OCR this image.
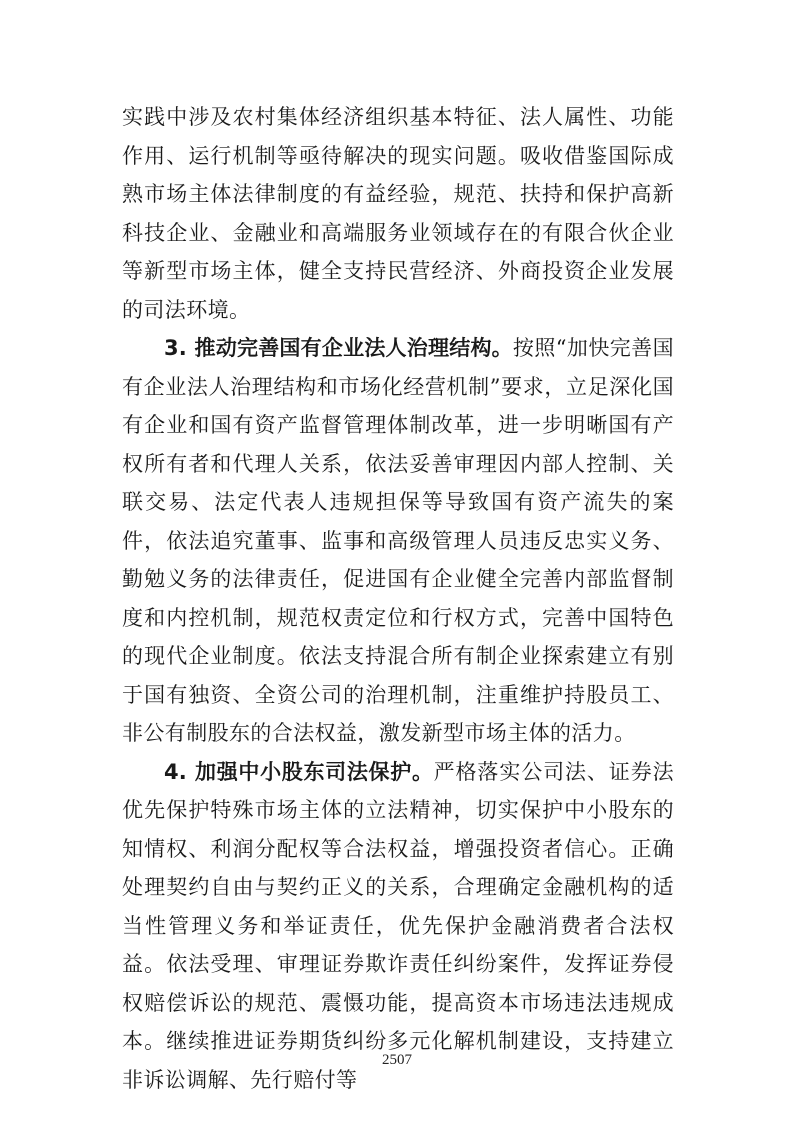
实践中涉及农村集体经济组织基本特征、法人属性、功能作用、运行机制等亟待解决的现实问题。吸收借鉴国际成熟市场主体法律制度的有益经验，规范、扶持和保护高新科技企业、金融业和高端服务业领域存在的有限合伙企业等新型市场主体，健全支持民营经济、外商投资企业发展的司法环境。

3. 推动完善国有企业法人治理结构。按照“加快完善国有企业法人治理结构和市场化经营机制”要求，立足深化国有企业和国有资产监督管理体制改革，进一步明晰国有产权所有者和代理人关系，依法妥善审理因内部人控制、关联交易、法定代表人违规担保等导致国有资产流失的案件，依法追究董事、监事和高级管理人员违反忠实义务、勤勉义务的法律责任，促进国有企业健全完善内部监督制度和内控机制，规范权责定位和行权方式，完善中国特色的现代企业制度。依法支持混合所有制企业探索建立有别于国有独资、全资公司的治理机制，注重维护持股员工、非公有制股东的合法权益，激发新型市场主体的活力。

4. 加强中小股东司法保护。严格落实公司法、证券法优先保护特殊市场主体的立法精神，切实保护中小股东的知情权、利润分配权等合法权益，增强投资者信心。正确处理契约自由与契约正义的关系，合理确定金融机构的适当性管理义务和举证责任，优先保护金融消费者合法权益。依法受理、审理证券欺诈责任纠纷案件，发挥证券侵权赔偿诉讼的规范、震慑功能，提高资本市场违法违规成本。继续推进证券期货纠纷多元化解机制建设，支持建立非诉讼调解、先行赔付等

2507
